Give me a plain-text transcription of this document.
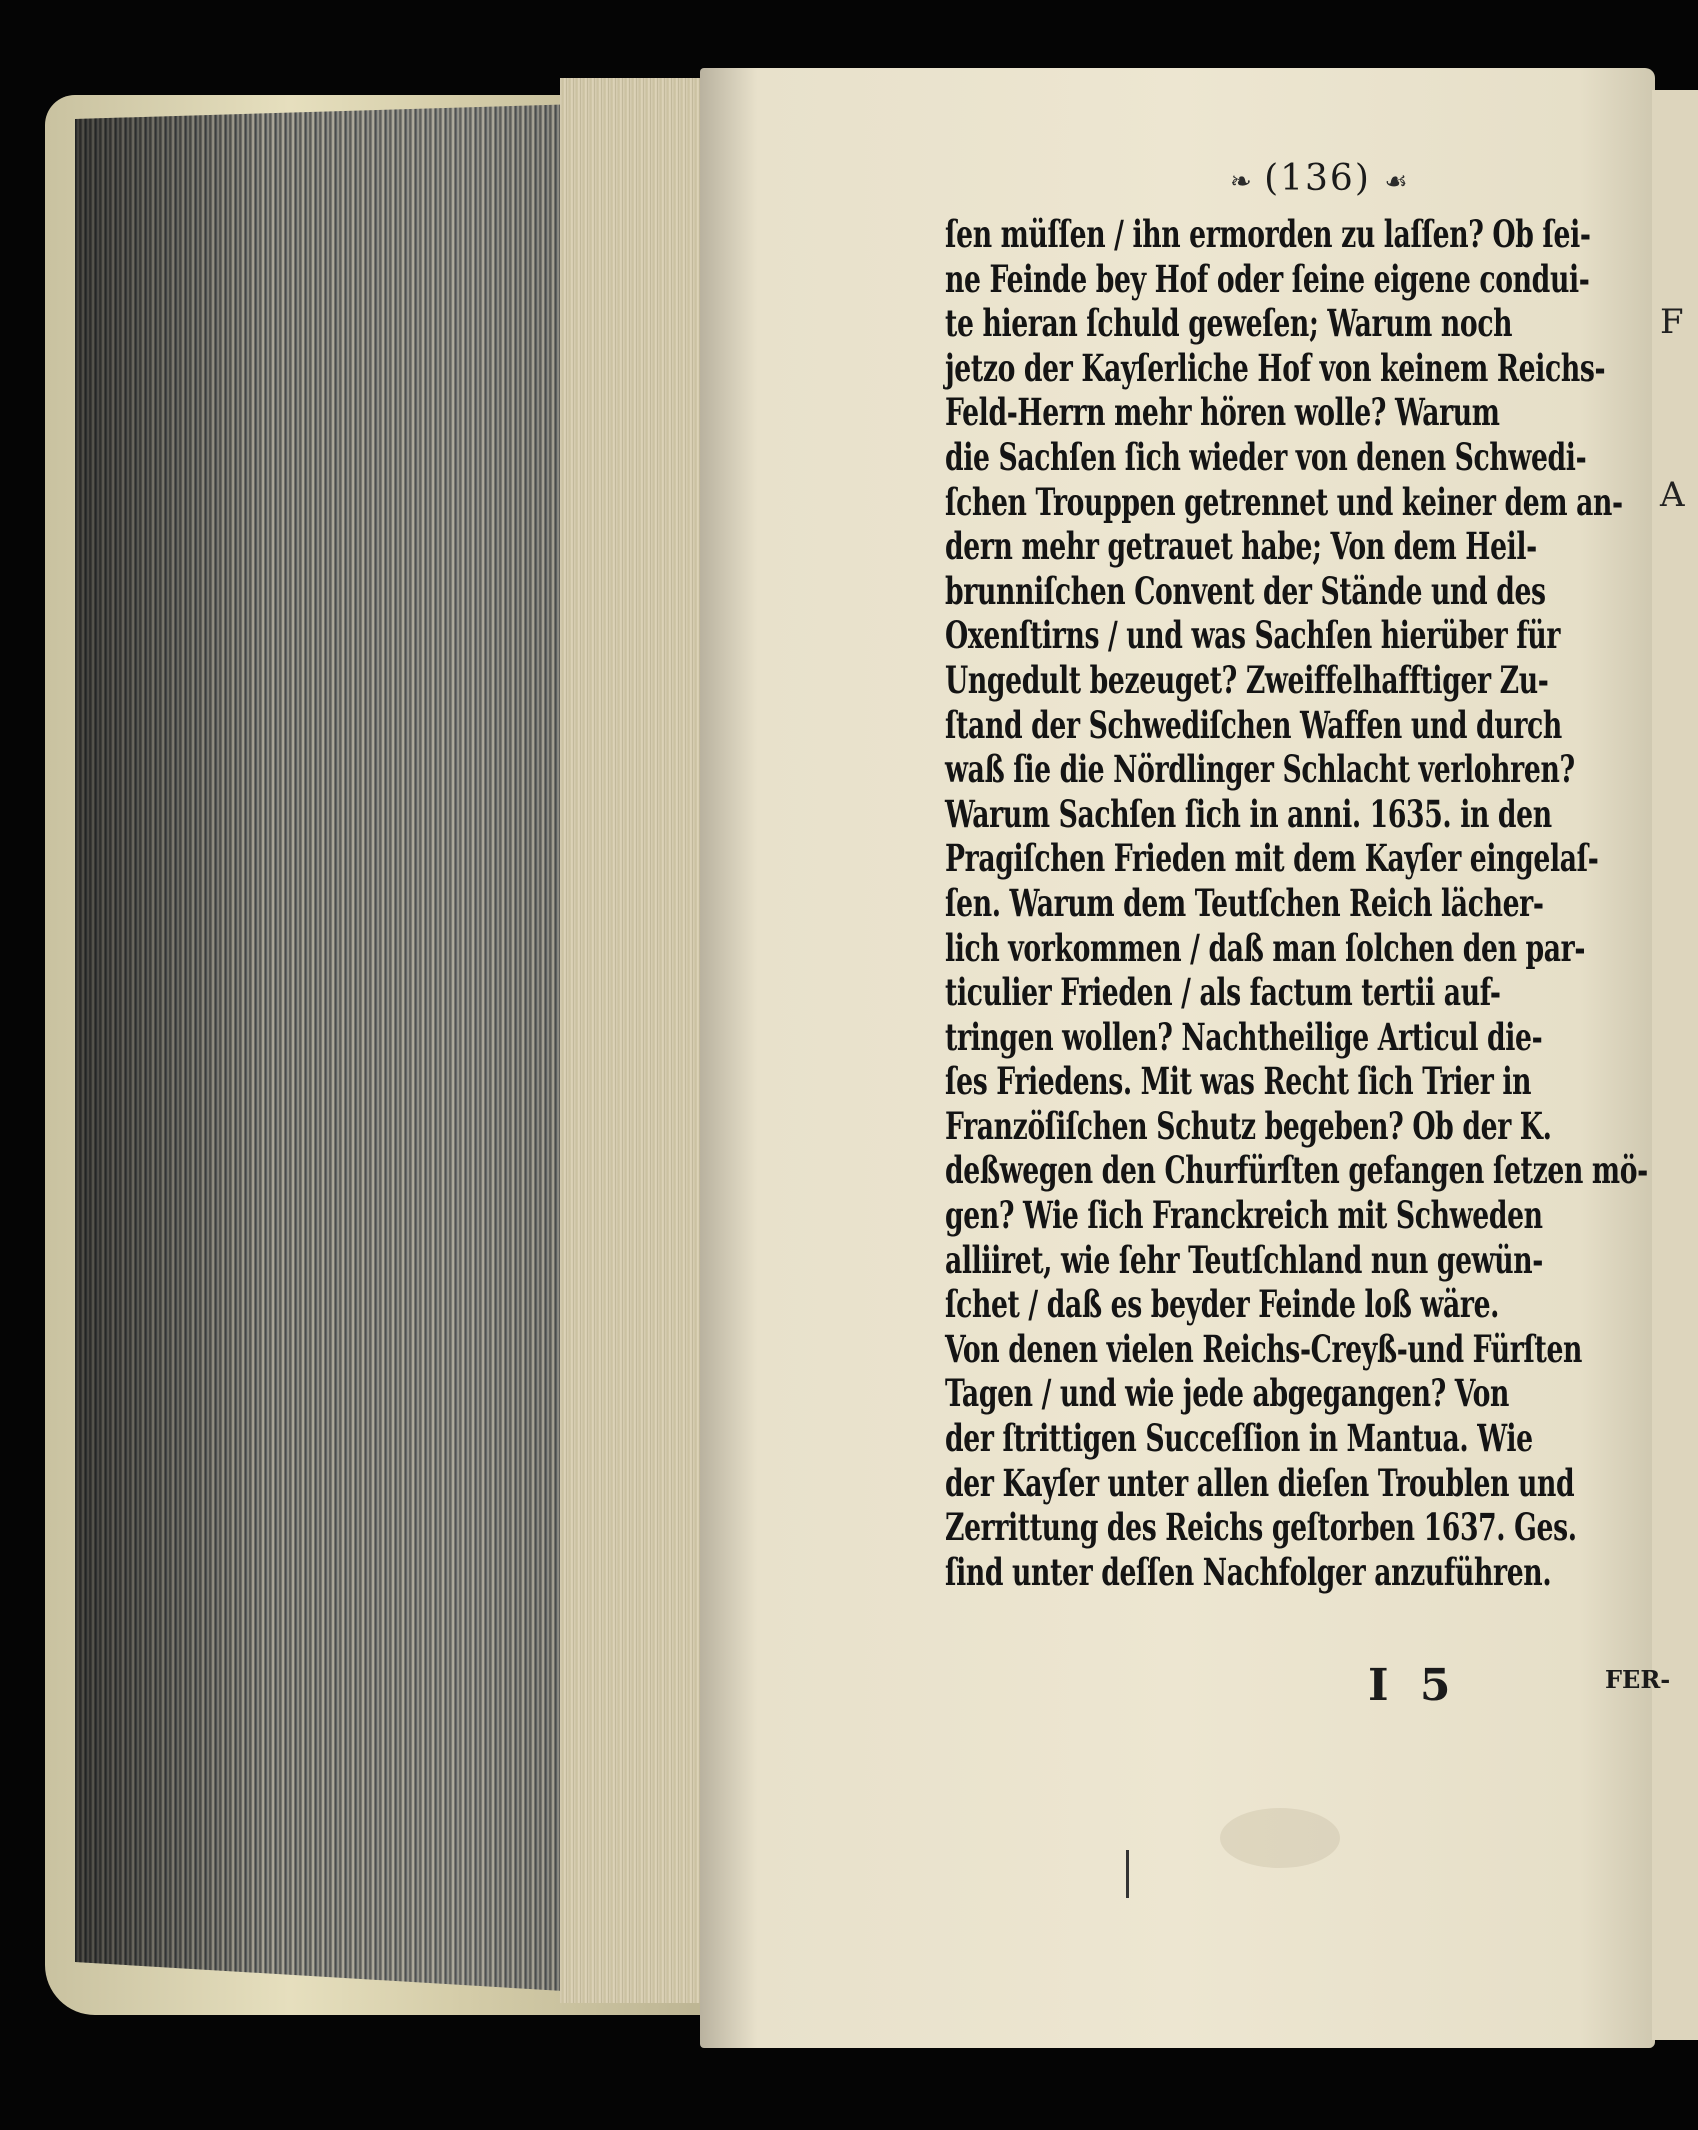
F
A
❧ (136) ☙
ſen müſſen / ihn ermorden zu laſſen? Ob ſei-
ne Feinde bey Hof oder ſeine eigene condui-
te hieran ſchuld geweſen; Warum noch
jetzo der Kayſerliche Hof von keinem Reichs-
Feld-Herrn mehr hören wolle? Warum
die Sachſen ſich wieder von denen Schwedi-
ſchen Trouppen getrennet und keiner dem an-
dern mehr getrauet habe; Von dem Heil-
brunniſchen Convent der Stände und des
Oxenſtirns / und was Sachſen hierüber für
Ungedult bezeuget? Zweiffelhafftiger Zu-
ſtand der Schwediſchen Waffen und durch
waß ſie die Nördlinger Schlacht verlohren?
Warum Sachſen ſich in anni. 1635. in den
Pragiſchen Frieden mit dem Kayſer eingelaſ-
ſen. Warum dem Teutſchen Reich lächer-
lich vorkommen / daß man ſolchen den par-
ticulier Frieden / als factum tertii auf-
tringen wollen? Nachtheilige Articul die-
ſes Friedens. Mit was Recht ſich Trier in
Franzöſiſchen Schutz begeben? Ob der K.
deßwegen den Churfürſten gefangen ſetzen mö-
gen? Wie ſich Franckreich mit Schweden
alliiret, wie ſehr Teutſchland nun gewün-
ſchet / daß es beyder Feinde loß wäre.
Von denen vielen Reichs-Creyß-und Fürſten
Tagen / und wie jede abgegangen? Von
der ſtrittigen Succeſſion in Mantua. Wie
der Kayſer unter allen dieſen Troublen und
Zerrittung des Reichs geſtorben 1637. Ges.
ſind unter deſſen Nachfolger anzuführen.
I 5	FER-
